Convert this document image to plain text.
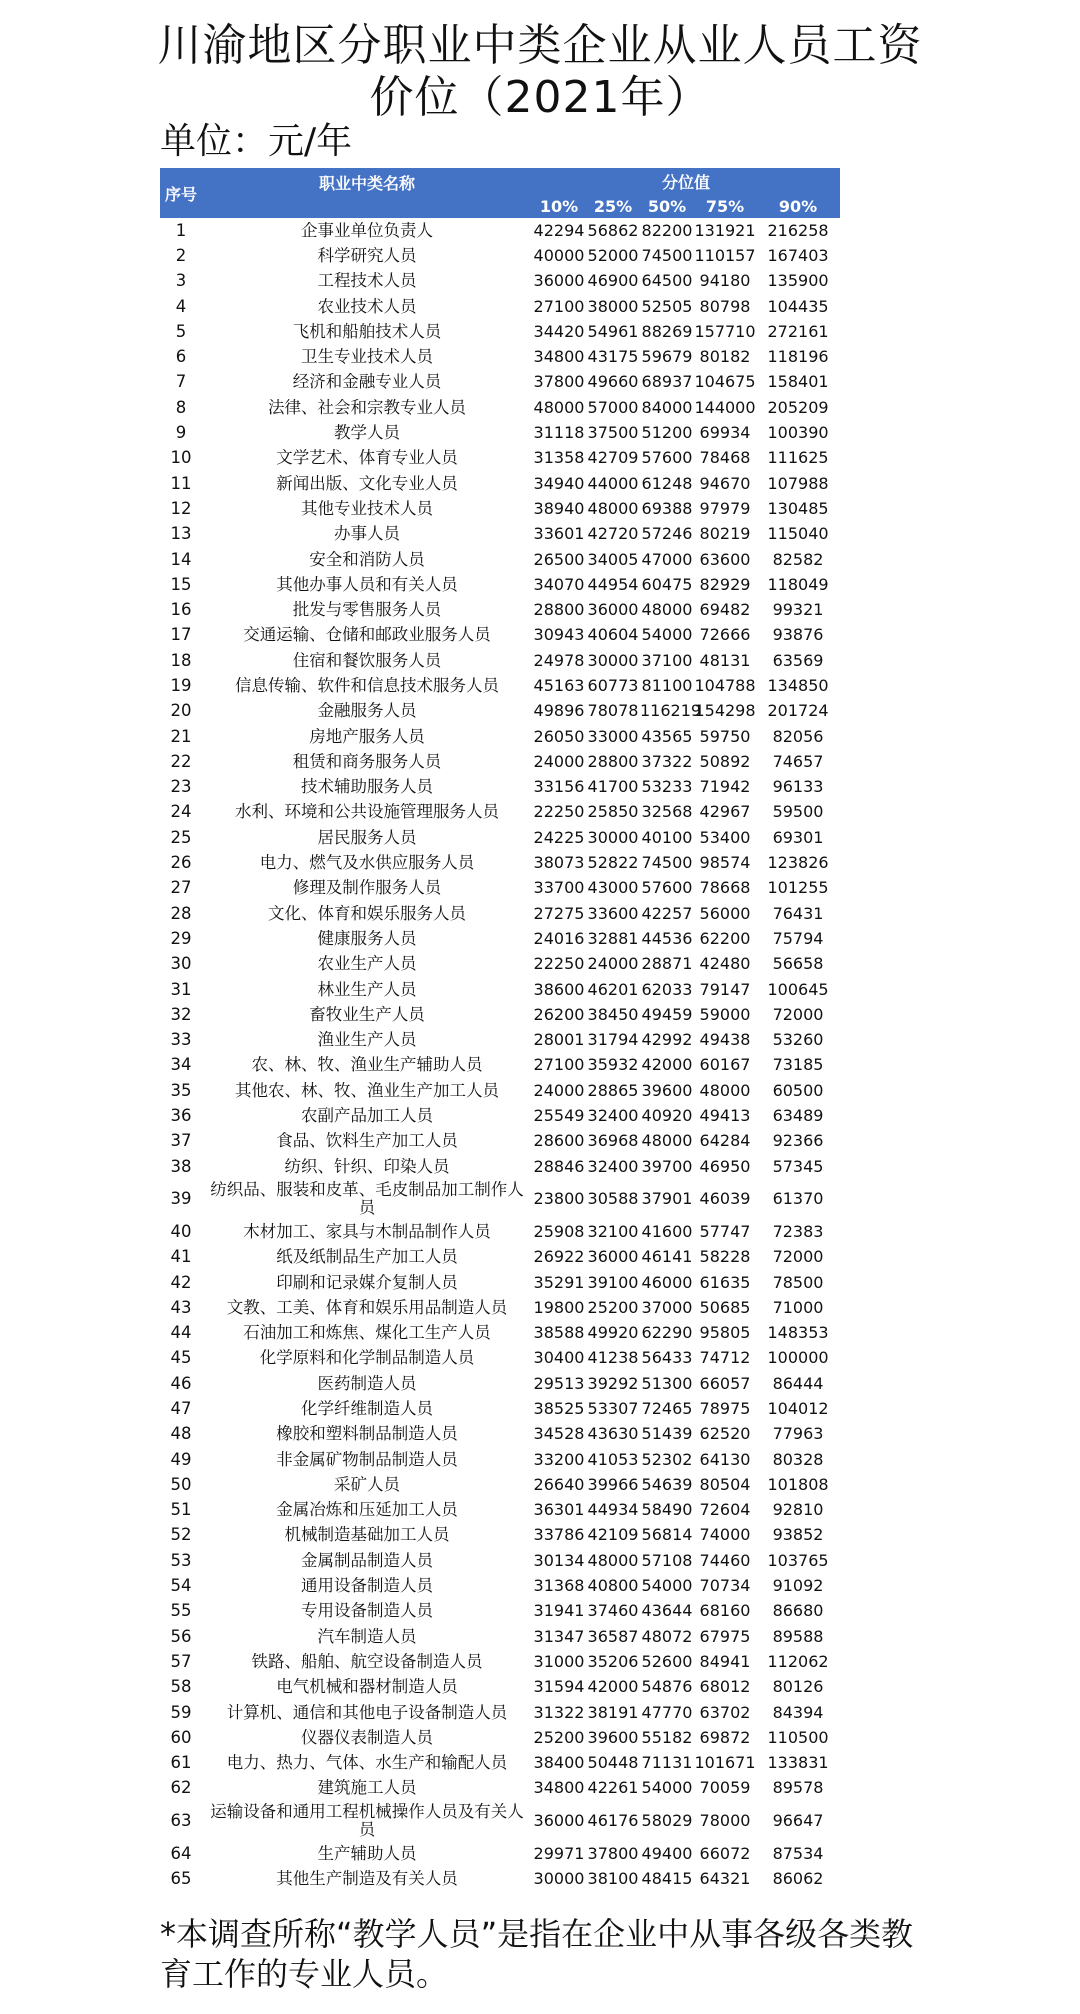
川渝地区分职业中类企业从业人员工资
价位（2021年）
单位：元/年
序号	职业中类名称	分位值				
		10%	25%	50%	75%	90%
1	企事业单位负责人	42294	56862	82200	131921	216258
2	科学研究人员	40000	52000	74500	110157	167403
3	工程技术人员	36000	46900	64500	94180	135900
4	农业技术人员	27100	38000	52505	80798	104435
5	飞机和船舶技术人员	34420	54961	88269	157710	272161
6	卫生专业技术人员	34800	43175	59679	80182	118196
7	经济和金融专业人员	37800	49660	68937	104675	158401
8	法律、社会和宗教专业人员	48000	57000	84000	144000	205209
9	教学人员	31118	37500	51200	69934	100390
10	文学艺术、体育专业人员	31358	42709	57600	78468	111625
11	新闻出版、文化专业人员	34940	44000	61248	94670	107988
12	其他专业技术人员	38940	48000	69388	97979	130485
13	办事人员	33601	42720	57246	80219	115040
14	安全和消防人员	26500	34005	47000	63600	82582
15	其他办事人员和有关人员	34070	44954	60475	82929	118049
16	批发与零售服务人员	28800	36000	48000	69482	99321
17	交通运输、仓储和邮政业服务人员	30943	40604	54000	72666	93876
18	住宿和餐饮服务人员	24978	30000	37100	48131	63569
19	信息传输、软件和信息技术服务人员	45163	60773	81100	104788	134850
20	金融服务人员	49896	78078	116219	154298	201724
21	房地产服务人员	26050	33000	43565	59750	82056
22	租赁和商务服务人员	24000	28800	37322	50892	74657
23	技术辅助服务人员	33156	41700	53233	71942	96133
24	水利、环境和公共设施管理服务人员	22250	25850	32568	42967	59500
25	居民服务人员	24225	30000	40100	53400	69301
26	电力、燃气及水供应服务人员	38073	52822	74500	98574	123826
27	修理及制作服务人员	33700	43000	57600	78668	101255
28	文化、体育和娱乐服务人员	27275	33600	42257	56000	76431
29	健康服务人员	24016	32881	44536	62200	75794
30	农业生产人员	22250	24000	28871	42480	56658
31	林业生产人员	38600	46201	62033	79147	100645
32	畜牧业生产人员	26200	38450	49459	59000	72000
33	渔业生产人员	28001	31794	42992	49438	53260
34	农、林、牧、渔业生产辅助人员	27100	35932	42000	60167	73185
35	其他农、林、牧、渔业生产加工人员	24000	28865	39600	48000	60500
36	农副产品加工人员	25549	32400	40920	49413	63489
37	食品、饮料生产加工人员	28600	36968	48000	64284	92366
38	纺织、针织、印染人员	28846	32400	39700	46950	57345
39	纺织品、服装和皮革、毛皮制品加工制作人员	23800	30588	37901	46039	61370
40	木材加工、家具与木制品制作人员	25908	32100	41600	57747	72383
41	纸及纸制品生产加工人员	26922	36000	46141	58228	72000
42	印刷和记录媒介复制人员	35291	39100	46000	61635	78500
43	文教、工美、体育和娱乐用品制造人员	19800	25200	37000	50685	71000
44	石油加工和炼焦、煤化工生产人员	38588	49920	62290	95805	148353
45	化学原料和化学制品制造人员	30400	41238	56433	74712	100000
46	医药制造人员	29513	39292	51300	66057	86444
47	化学纤维制造人员	38525	53307	72465	78975	104012
48	橡胶和塑料制品制造人员	34528	43630	51439	62520	77963
49	非金属矿物制品制造人员	33200	41053	52302	64130	80328
50	采矿人员	26640	39966	54639	80504	101808
51	金属冶炼和压延加工人员	36301	44934	58490	72604	92810
52	机械制造基础加工人员	33786	42109	56814	74000	93852
53	金属制品制造人员	30134	48000	57108	74460	103765
54	通用设备制造人员	31368	40800	54000	70734	91092
55	专用设备制造人员	31941	37460	43644	68160	86680
56	汽车制造人员	31347	36587	48072	67975	89588
57	铁路、船舶、航空设备制造人员	31000	35206	52600	84941	112062
58	电气机械和器材制造人员	31594	42000	54876	68012	80126
59	计算机、通信和其他电子设备制造人员	31322	38191	47770	63702	84394
60	仪器仪表制造人员	25200	39600	55182	69872	110500
61	电力、热力、气体、水生产和输配人员	38400	50448	71131	101671	133831
62	建筑施工人员	34800	42261	54000	70059	89578
63	运输设备和通用工程机械操作人员及有关人员	36000	46176	58029	78000	96647
64	生产辅助人员	29971	37800	49400	66072	87534
65	其他生产制造及有关人员	30000	38100	48415	64321	86062
*本调查所称“教学人员”是指在企业中从事各级各类教育工作的专业人员。
